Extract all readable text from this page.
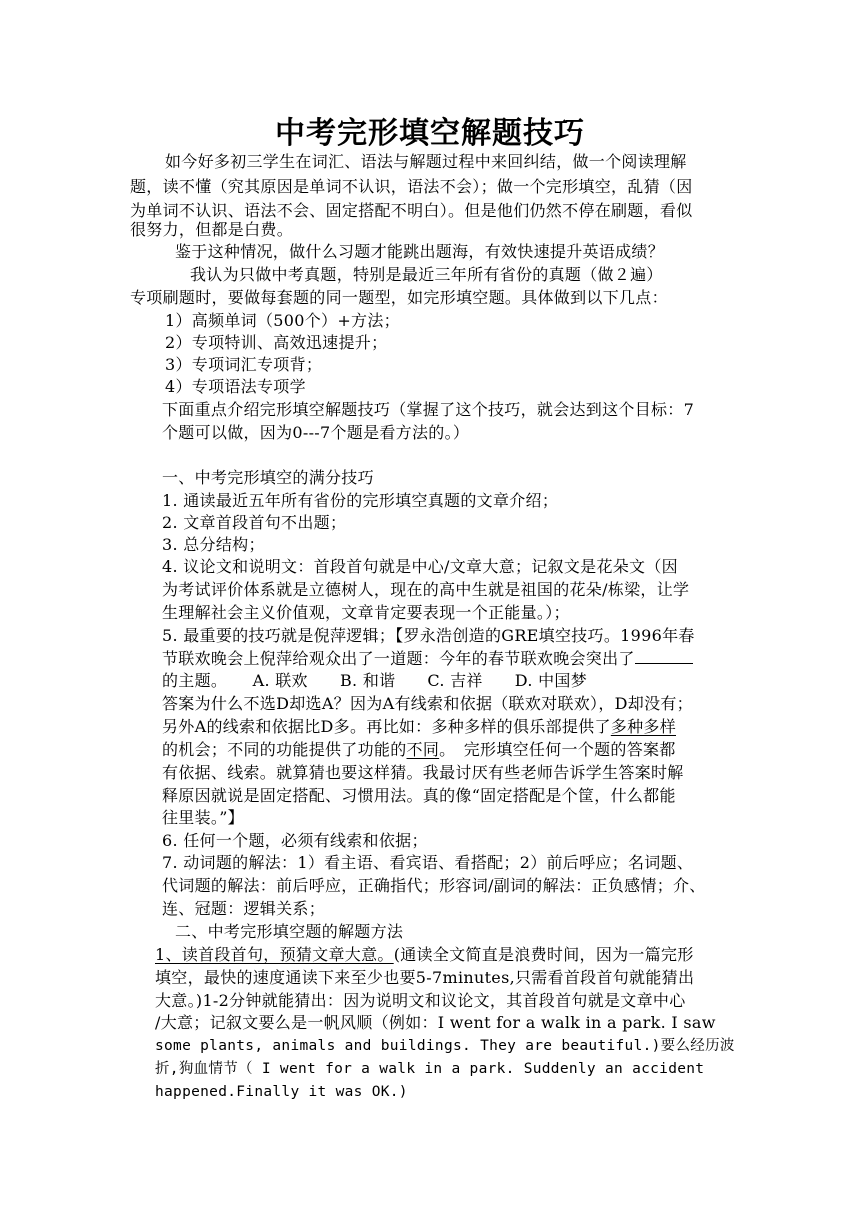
中考完形填空解题技巧
如今好多初三学生在词汇、语法与解题过程中来回纠结，做一个阅读理解
题，读不懂（究其原因是单词不认识，语法不会）；做一个完形填空，乱猜（因
为单词不认识、语法不会、固定搭配不明白）。但是他们仍然不停在刷题，看似
很努力，但都是白费。
鉴于这种情况，做什么习题才能跳出题海，有效快速提升英语成绩？
我认为只做中考真题，特别是最近三年所有省份的真题（做２遍）
专项刷题时，要做每套题的同一题型，如完形填空题。具体做到以下几点：
1）高频单词（500个）+方法；
2）专项特训、高效迅速提升；
3）专项词汇专项背；
4）专项语法专项学
下面重点介绍完形填空解题技巧（掌握了这个技巧，就会达到这个目标：7
个题可以做，因为0---7个题是看方法的。）
一、中考完形填空的满分技巧
1. 通读最近五年所有省份的完形填空真题的文章介绍；
2. 文章首段首句不出题；
3. 总分结构；
4. 议论文和说明文：首段首句就是中心/文章大意；记叙文是花朵文（因
为考试评价体系就是立德树人，现在的高中生就是祖国的花朵/栋梁，让学
生理解社会主义价值观，文章肯定要表现一个正能量。）；
5. 最重要的技巧就是倪萍逻辑；【罗永浩创造的GRE填空技巧。1996年春
节联欢晚会上倪萍给观众出了一道题：今年的春节联欢晚会突出了
的主题。 A. 联欢 B. 和谐 C. 吉祥 D. 中国梦
答案为什么不选D却选A？因为A有线索和依据（联欢对联欢），D却没有；
另外A的线索和依据比D多。再比如：多种多样的俱乐部提供了多种多样
的机会；不同的功能提供了功能的不同。　完形填空任何一个题的答案都
有依据、线索。就算猜也要这样猜。我最讨厌有些老师告诉学生答案时解
释原因就说是固定搭配、习惯用法。真的像“固定搭配是个筐，什么都能
往里装。”】
6. 任何一个题，必须有线索和依据；
7. 动词题的解法：1）看主语、看宾语、看搭配；2）前后呼应；名词题、
代词题的解法：前后呼应，正确指代；形容词/副词的解法：正负感情；介、
连、冠题：逻辑关系；
二、中考完形填空题的解题方法
1、读首段首句，预猜文章大意。(通读全文简直是浪费时间，因为一篇完形
填空，最快的速度通读下来至少也要5-7minutes,只需看首段首句就能猜出
大意。)1-2分钟就能猜出：因为说明文和议论文，其首段首句就是文章中心
/大意；记叙文要么是一帆风顺（例如：I went for a walk in a park. I saw
some plants, animals and buildings. They are beautiful.)要么经历波
折,狗血情节（ I went for a walk in a park. Suddenly an accident
happened.Finally it was OK.)
